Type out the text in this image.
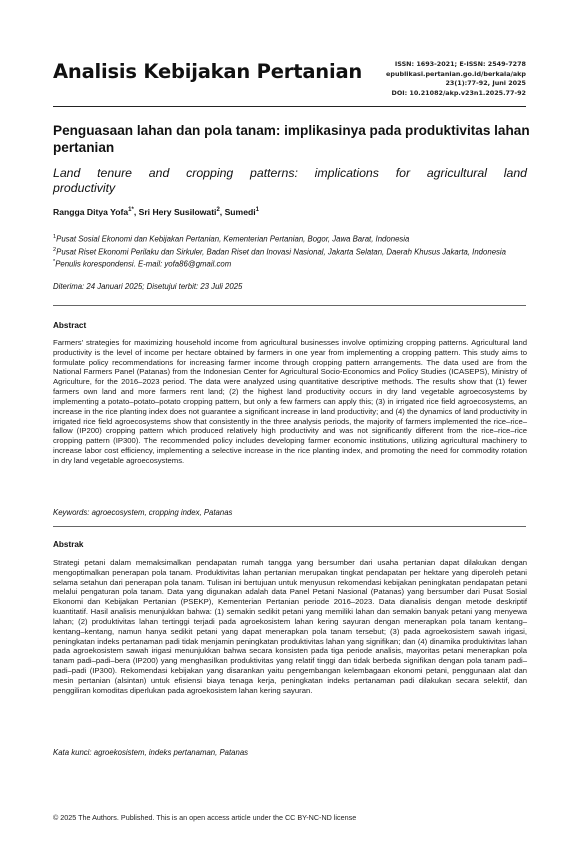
Analisis Kebijakan Pertanian	ISSN: 1693-2021; E-ISSN: 2549-7278
epublikasi.pertanian.go.id/berkala/akp
23(1):77-92, Juni 2025
DOI: 10.21082/akp.v23n1.2025.77-92
Penguasaan lahan dan pola tanam: implikasinya pada produktivitas lahan pertanian
Land tenure and cropping patterns: implications for agricultural land
productivity
Rangga Ditya Yofa$^{1*}$, Sri Hery Susilowati$^2$, Sumedi$^1$
$^1$Pusat Sosial Ekonomi dan Kebijakan Pertanian, Kementerian Pertanian, Bogor, Jawa Barat, Indonesia
$^2$Pusat Riset Ekonomi Perilaku dan Sirkuler, Badan Riset dan Inovasi Nasional, Jakarta Selatan, Daerah Khusus Jakarta, Indonesia
*Penulis korespondensi. E-mail: yofa86@gmail.com
Diterima: 24 Januari 2025; Disetujui terbit: 23 Juli 2025
Abstract
Farmers' strategies for maximizing household income from agricultural businesses involve optimizing cropping patterns. Agricultural land productivity is the level of income per hectare obtained by farmers in one year from implementing a cropping pattern. This study aims to formulate policy recommendations for increasing farmer income through cropping pattern arrangements. The data used are from the National Farmers Panel (Patanas) from the Indonesian Center for Agricultural Socio-Economics and Policy Studies (ICASEPS), Ministry of Agriculture, for the 2016–2023 period. The data were analyzed using quantitative descriptive methods. The results show that (1) fewer farmers own land and more farmers rent land; (2) the highest land productivity occurs in dry land vegetable agroecosystems by implementing a potato–potato–potato cropping pattern, but only a few farmers can apply this; (3) in irrigated rice field agroecosystems, an increase in the rice planting index does not guarantee a significant increase in land productivity; and (4) the dynamics of land productivity in irrigated rice field agroecosystems show that consistently in the three analysis periods, the majority of farmers implemented the rice–rice–fallow (IP200) cropping pattern which produced relatively high productivity and was not significantly different from the rice–rice–rice cropping pattern (IP300). The recommended policy includes developing farmer economic institutions, utilizing agricultural machinery to increase labor cost efficiency, implementing a selective increase in the rice planting index, and promoting the need for commodity rotation in dry land vegetable agroecosystems.
Keywords: agroecosystem, cropping index, Patanas
Abstrak
Strategi petani dalam memaksimalkan pendapatan rumah tangga yang bersumber dari usaha pertanian dapat dilakukan dengan mengoptimalkan penerapan pola tanam. Produktivitas lahan pertanian merupakan tingkat pendapatan per hektare yang diperoleh petani selama setahun dari penerapan pola tanam. Tulisan ini bertujuan untuk menyusun rekomendasi kebijakan peningkatan pendapatan petani melalui pengaturan pola tanam. Data yang digunakan adalah data Panel Petani Nasional (Patanas) yang bersumber dari Pusat Sosial Ekonomi dan Kebijakan Pertanian (PSEKP), Kementerian Pertanian periode 2016–2023. Data dianalisis dengan metode deskriptif kuantitatif. Hasil analisis menunjukkan bahwa: (1) semakin sedikit petani yang memiliki lahan dan semakin banyak petani yang menyewa lahan; (2) produktivitas lahan tertinggi terjadi pada agroekosistem lahan kering sayuran dengan menerapkan pola tanam kentang–kentang–kentang, namun hanya sedikit petani yang dapat menerapkan pola tanam tersebut; (3) pada agroekosistem sawah irigasi, peningkatan indeks pertanaman padi tidak menjamin peningkatan produktivitas lahan yang signifikan; dan (4) dinamika produktivitas lahan pada agroekosistem sawah irigasi menunjukkan bahwa secara konsisten pada tiga periode analisis, mayoritas petani menerapkan pola tanam padi–padi–bera (IP200) yang menghasilkan produktivitas yang relatif tinggi dan tidak berbeda signifikan dengan pola tanam padi–padi–padi (IP300). Rekomendasi kebijakan yang disarankan yaitu pengembangan kelembagaan ekonomi petani, penggunaan alat dan mesin pertanian (alsintan) untuk efisiensi biaya tenaga kerja, peningkatan indeks pertanaman padi dilakukan secara selektif, dan penggiliran komoditas diperlukan pada agroekosistem lahan kering sayuran.
Kata kunci: agroekosistem, indeks pertanaman, Patanas
© 2025 The Authors. Published. This is an open access article under the CC BY-NC-ND license
